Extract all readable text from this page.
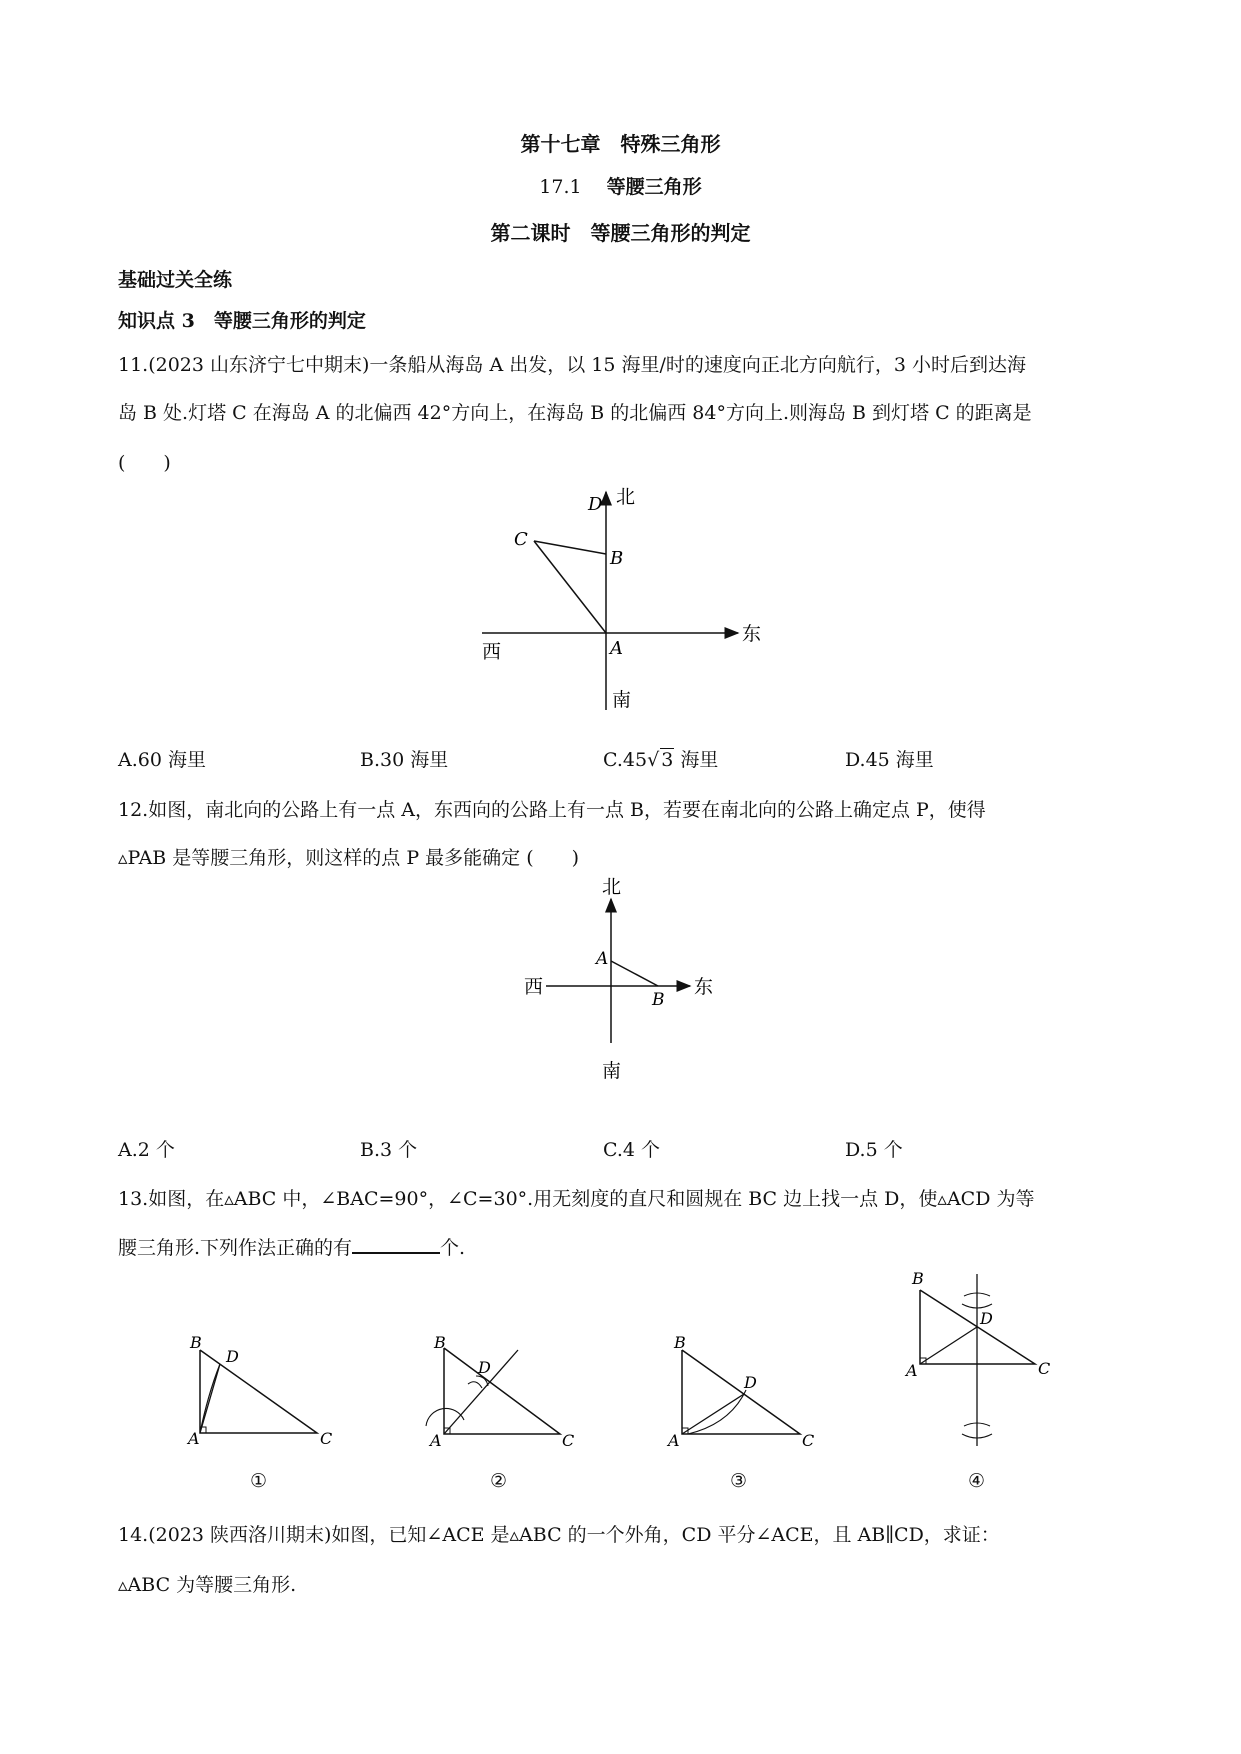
第十七章　特殊三角形
17.1 　 等腰三角形
第二课时　等腰三角形的判定
基础过关全练
知识点 3　等腰三角形的判定
11.(2023 山东济宁七中期末)一条船从海岛 A 出发，以 15 海里/时的速度向正北方向航行，3 小时后到达海
岛 B 处.灯塔 C 在海岛 A 的北偏西 42°方向上，在海岛 B 的北偏西 84°方向上.则海岛 B 到灯塔 C 的距离是
(　　)
北
D
C
B
西	A
东
南
A.60 海里	B.30 海里	C.45√ 3 海里	D.45 海里
12.如图，南北向的公路上有一点 A，东西向的公路上有一点 B，若要在南北向的公路上确定点 P，使得
▵PAB 是等腰三角形，则这样的点 P 最多能确定 (　　)
北
A
西
B
东
南
A.2 个	B.3 个	C.4 个	D.5 个
13.如图，在▵ABC 中，∠BAC=90°，∠C=30°.用无刻度的直尺和圆规在 BC 边上找一点 D，使▵ACD 为等
腰三角形.下列作法正确的有	个.
B
D
A	C
B
D
A	C
B
D
A	C
B
D
A	C
①	②	③	④
14.(2023 陕西洛川期末)如图，已知∠ACE 是▵ABC 的一个外角，CD 平分∠ACE，且 AB∥CD，求证：
▵ABC 为等腰三角形.
